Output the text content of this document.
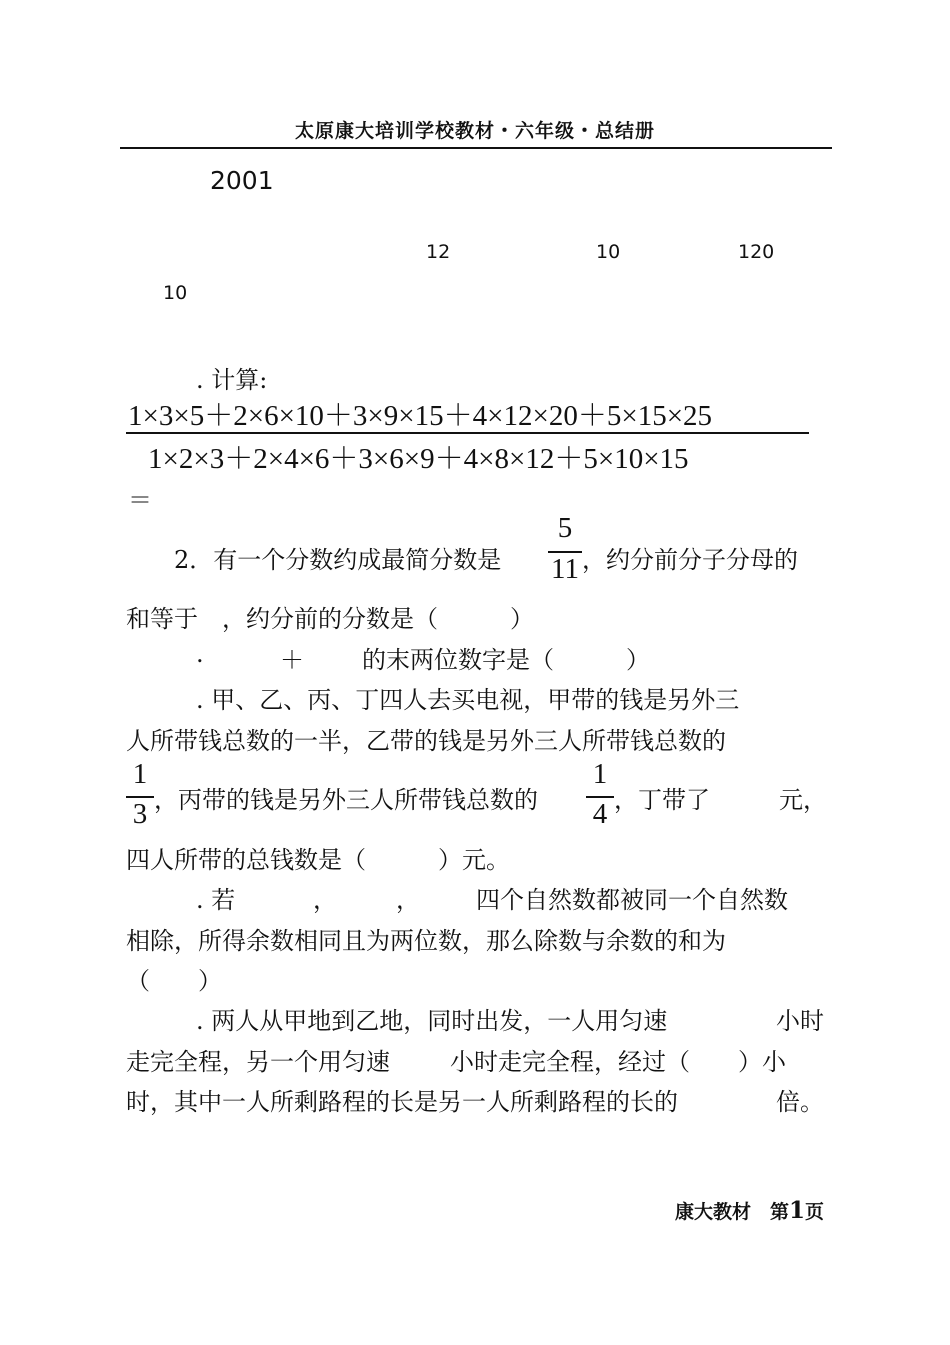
太原康大培训学校教材・六年级・总结册
2001
12	10	120
10
. 计算:
1×3×5＋2×6×10＋3×9×15＋4×12×20＋5×15×25
1×2×3＋2×4×6＋3×6×9＋4×8×12＋5×10×15
＝
2．有一个分数约成最简分数是
5
11 ，约分前分子分母的
和等于　，约分前的分数是（　　　）
.	＋ 的末两位数字是（　　　）
. 甲、乙、丙、丁四人去买电视，甲带的钱是另外三
人所带钱总数的一半，乙带的钱是另外三人所带钱总数的
1
3 ，丙带的钱是另外三人所带钱总数的
1
4 ，丁带了	元，
四人所带的总钱数是（　　　）元。
. 若	， ， 四个自然数都被同一个自然数
相除，所得余数相同且为两位数，那么除数与余数的和为
（　　）
. 两人从甲地到乙地，同时出发，一人用匀速	小时
走完全程，另一个用匀速	小时走完全程，经过（　　）小
时，其中一人所剩路程的长是另一人所剩路程的长的	倍。
康大教材　第1页
